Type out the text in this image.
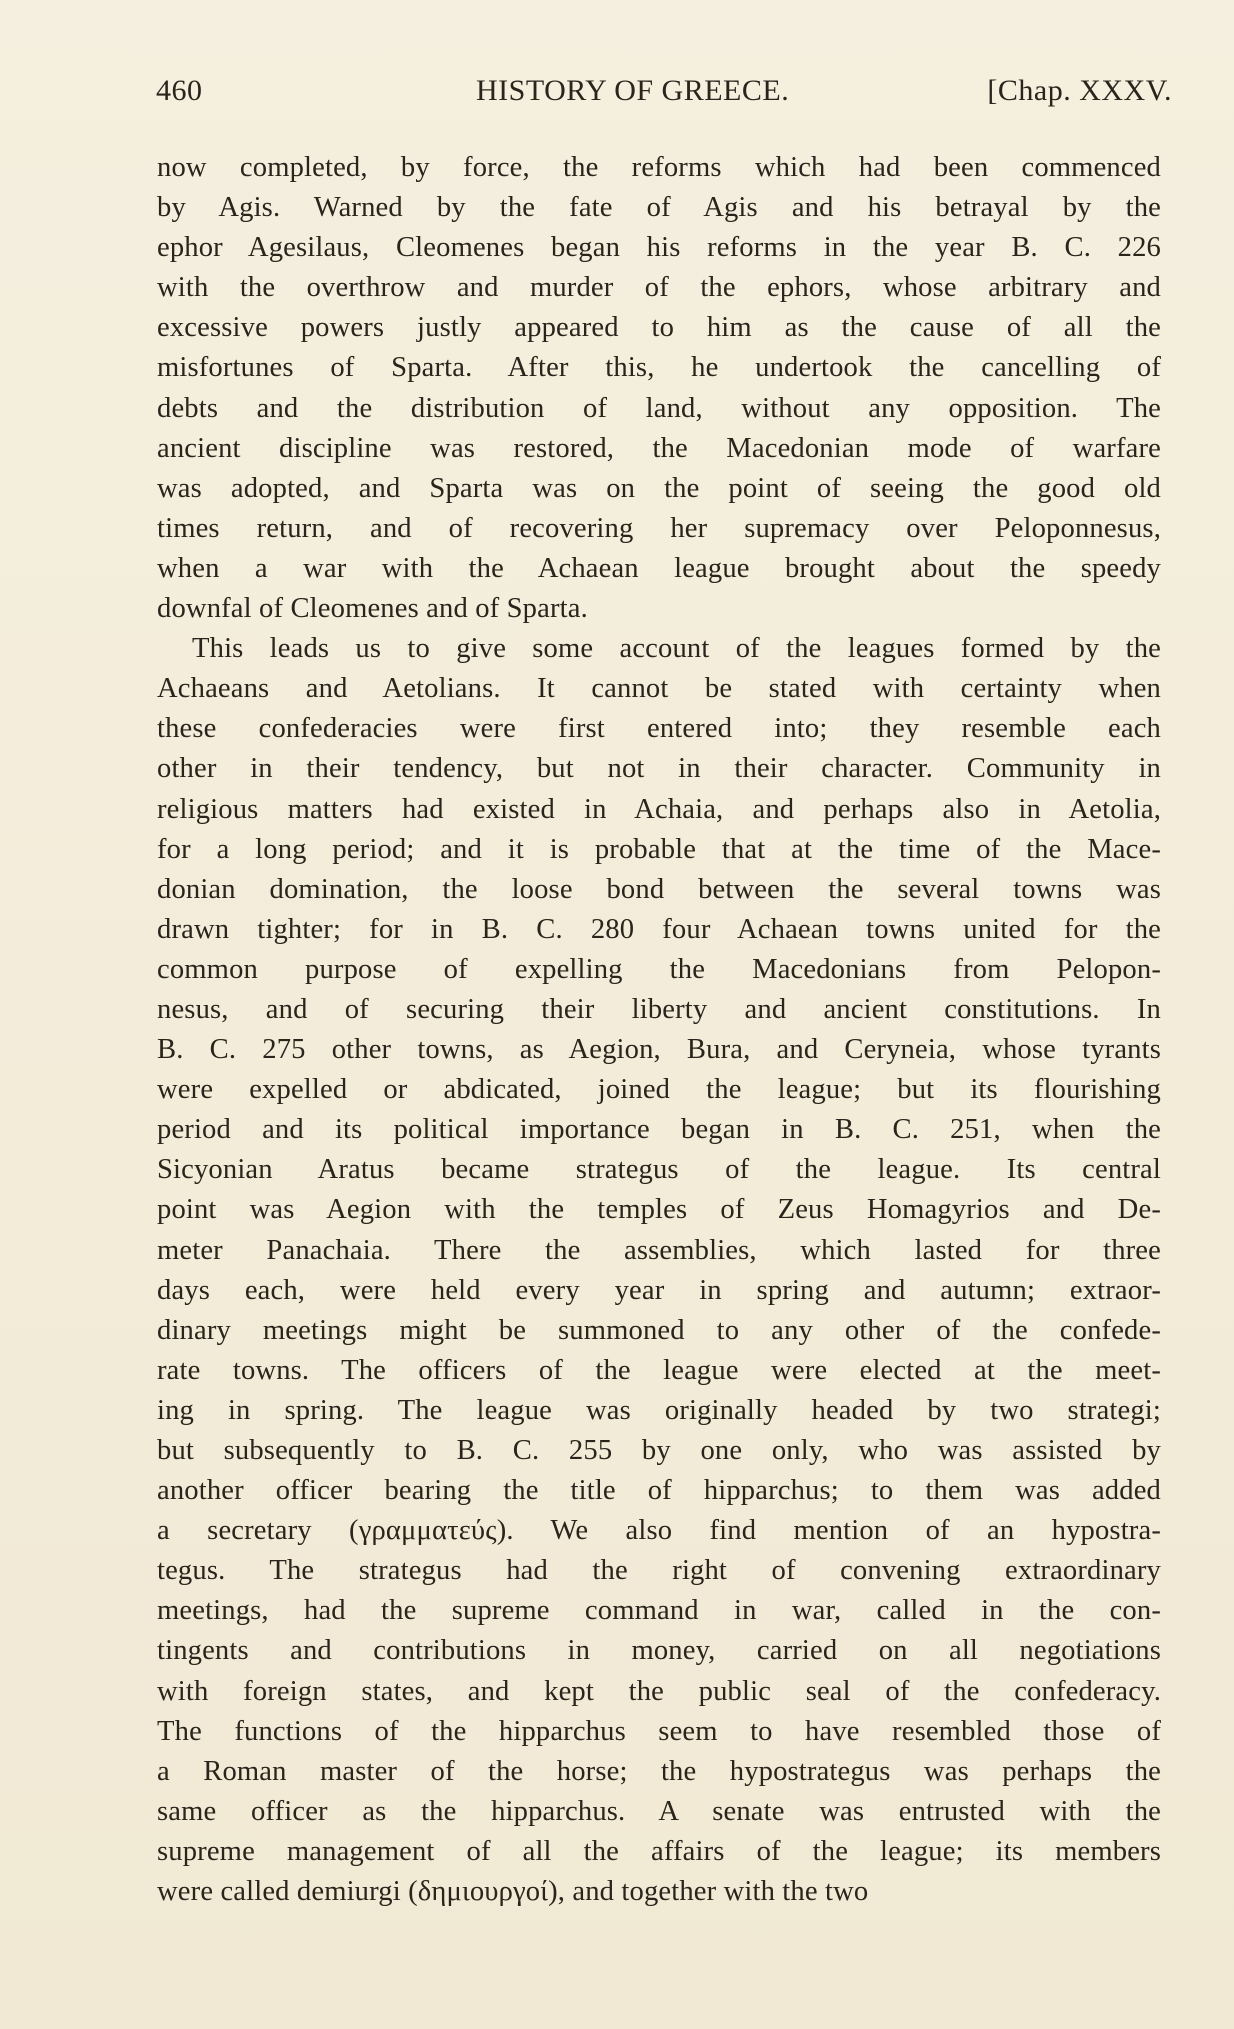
460	HISTORY OF GREECE.	[Chap. XXXV.
now completed, by force, the reforms which had been commenced
by Agis. Warned by the fate of Agis and his betrayal by the
ephor Agesilaus, Cleomenes began his reforms in the year B. C. 226
with the overthrow and murder of the ephors, whose arbitrary and
excessive powers justly appeared to him as the cause of all the
misfortunes of Sparta. After this, he undertook the cancelling of
debts and the distribution of land, without any opposition. The
ancient discipline was restored, the Macedonian mode of warfare
was adopted, and Sparta was on the point of seeing the good old
times return, and of recovering her supremacy over Peloponnesus,
when a war with the Achaean league brought about the speedy
downfal of Cleomenes and of Sparta.
This leads us to give some account of the leagues formed by the
Achaeans and Aetolians. It cannot be stated with certainty when
these confederacies were first entered into; they resemble each
other in their tendency, but not in their character. Community in
religious matters had existed in Achaia, and perhaps also in Aetolia,
for a long period; and it is probable that at the time of the Mace-
donian domination, the loose bond between the several towns was
drawn tighter; for in B. C. 280 four Achaean towns united for the
common purpose of expelling the Macedonians from Pelopon-
nesus, and of securing their liberty and ancient constitutions. In
B. C. 275 other towns, as Aegion, Bura, and Ceryneia, whose tyrants
were expelled or abdicated, joined the league; but its flourishing
period and its political importance began in B. C. 251, when the
Sicyonian Aratus became strategus of the league. Its central
point was Aegion with the temples of Zeus Homagyrios and De-
meter Panachaia. There the assemblies, which lasted for three
days each, were held every year in spring and autumn; extraor-
dinary meetings might be summoned to any other of the confede-
rate towns. The officers of the league were elected at the meet-
ing in spring. The league was originally headed by two strategi;
but subsequently to B. C. 255 by one only, who was assisted by
another officer bearing the title of hipparchus; to them was added
a secretary (γραμματεύς). We also find mention of an hypostra-
tegus. The strategus had the right of convening extraordinary
meetings, had the supreme command in war, called in the con-
tingents and contributions in money, carried on all negotiations
with foreign states, and kept the public seal of the confederacy.
The functions of the hipparchus seem to have resembled those of
a Roman master of the horse; the hypostrategus was perhaps the
same officer as the hipparchus. A senate was entrusted with the
supreme management of all the affairs of the league; its members
were called demiurgi (δημιουργοί), and together with the two
